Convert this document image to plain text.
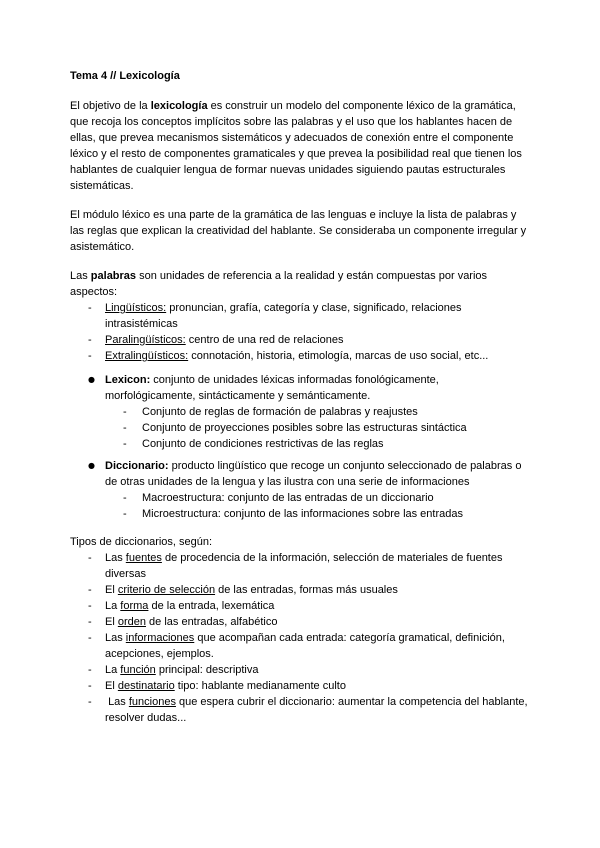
Tema 4 // Lexicología

El objetivo de la lexicología es construir un modelo del componente léxico de la gramática, que recoja los conceptos implícitos sobre las palabras y el uso que los hablantes hacen de ellas, que prevea mecanismos sistemáticos y adecuados de conexión entre el componente léxico y el resto de componentes gramaticales y que prevea la posibilidad real que tienen los hablantes de cualquier lengua de formar nuevas unidades siguiendo pautas estructurales sistemáticas.

El módulo léxico es una parte de la gramática de las lenguas e incluye la lista de palabras y las reglas que explican la creatividad del hablante. Se consideraba un componente irregular y asistemático.

Las palabras son unidades de referencia a la realidad y están compuestas por varios aspectos:

-	Lingüísticos: pronuncian, grafía, categoría y clase, significado, relaciones intrasistémicas
-	Paralingüísticos: centro de una red de relaciones
-	Extralingüísticos: connotación, historia, etimología, marcas de uso social, etc...
● Lexicon: conjunto de unidades léxicas informadas fonológicamente, morfológicamente, sintácticamente y semánticamente.
-	Conjunto de reglas de formación de palabras y reajustes
-	Conjunto de proyecciones posibles sobre las estructuras sintáctica
-	Conjunto de condiciones restrictivas de las reglas
● Diccionario: producto lingüístico que recoge un conjunto seleccionado de palabras o de otras unidades de la lengua y las ilustra con una serie de informaciones
-	Macroestructura: conjunto de las entradas de un diccionario
-	Microestructura: conjunto de las informaciones sobre las entradas
Tipos de diccionarios, según:
-	Las fuentes de procedencia de la información, selección de materiales de fuentes diversas
-	El criterio de selección de las entradas, formas más usuales
-	La forma de la entrada, lexemática
-	El orden de las entradas, alfabético
-	Las informaciones que acompañan cada entrada: categoría gramatical, definición, acepciones, ejemplos.
-	La función principal: descriptiva
-	El destinatario tipo: hablante medianamente culto
-	Las funciones que espera cubrir el diccionario: aumentar la competencia del hablante, resolver dudas...
